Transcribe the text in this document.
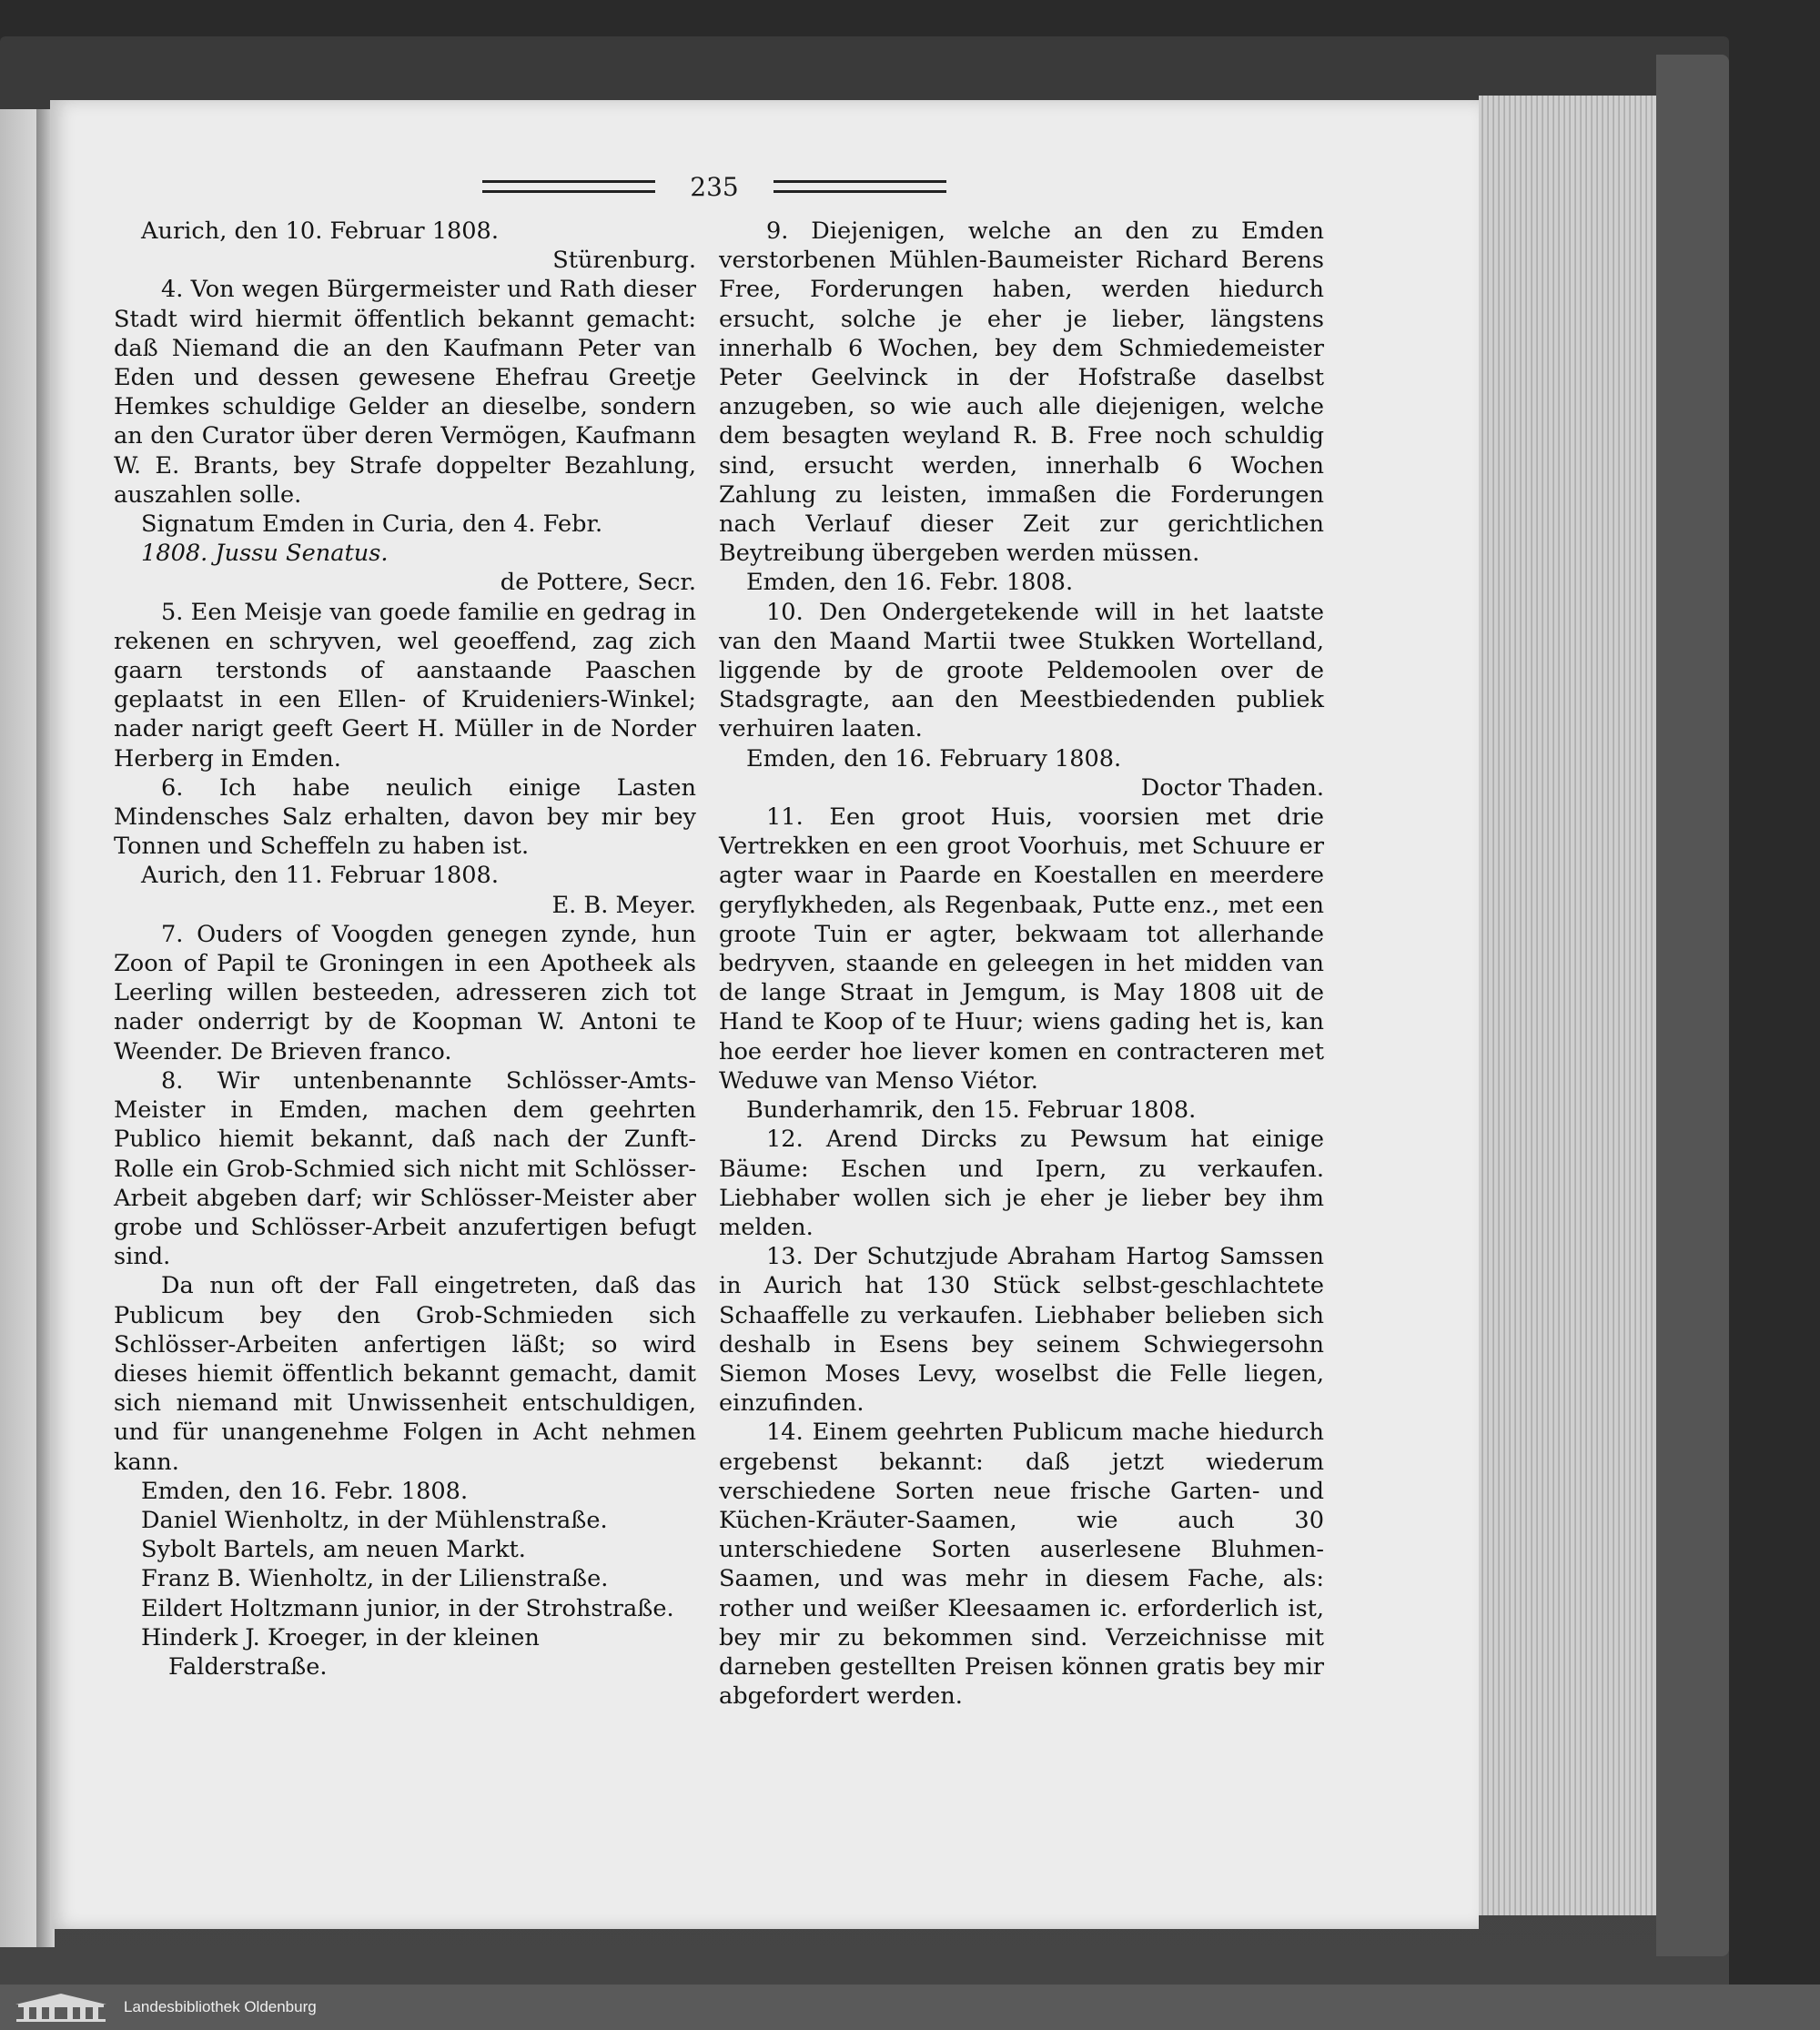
235

Aurich, den 10. Februar 1808.

Stürenburg.

4. Von wegen Bürgermeister und Rath dieser Stadt wird hiermit öffentlich bekannt gemacht: daß Niemand die an den Kaufmann Peter van Eden und dessen gewesene Ehefrau Greetje Hemkes schuldige Gelder an dieselbe, sondern an den Curator über deren Vermögen, Kaufmann W. E. Brants, bey Strafe doppelter Bezahlung, auszahlen solle.

Signatum Emden in Curia, den 4. Febr.

1808. Jussu Senatus.

de Pottere, Secr.

5. Een Meisje van goede familie en gedrag in rekenen en schryven, wel geoeffend, zag zich gaarn terstonds of aanstaande Paaschen geplaatst in een Ellen- of Kruideniers-Winkel; nader narigt geeft Geert H. Müller in de Norder Herberg in Emden.

6. Ich habe neulich einige Lasten Mindensches Salz erhalten, davon bey mir bey Tonnen und Scheffeln zu haben ist.

Aurich, den 11. Februar 1808.

E. B. Meyer.

7. Ouders of Voogden genegen zynde, hun Zoon of Papil te Groningen in een Apotheek als Leerling willen besteeden, adresseren zich tot nader onderrigt by de Koopman W. Antoni te Weender. De Brieven franco.

8. Wir untenbenannte Schlösser-Amts-Meister in Emden, machen dem geehrten Publico hiemit bekannt, daß nach der Zunft-Rolle ein Grob-Schmied sich nicht mit Schlösser-Arbeit abgeben darf; wir Schlösser-Meister aber grobe und Schlösser-Arbeit anzufertigen befugt sind.

Da nun oft der Fall eingetreten, daß das Publicum bey den Grob-Schmieden sich Schlösser-Arbeiten anfertigen läßt; so wird dieses hiemit öffentlich bekannt gemacht, damit sich niemand mit Unwissenheit entschuldigen, und für unangenehme Folgen in Acht nehmen kann.

Emden, den 16. Febr. 1808.

Daniel Wienholtz, in der Mühlenstraße.

Sybolt Bartels, am neuen Markt.

Franz B. Wienholtz, in der Lilienstraße.

Eildert Holtzmann junior, in der Strohstraße.

Hinderk J. Kroeger, in der kleinen Falderstraße.

9. Diejenigen, welche an den zu Emden verstorbenen Mühlen-Baumeister Richard Berens Free, Forderungen haben, werden hiedurch ersucht, solche je eher je lieber, längstens innerhalb 6 Wochen, bey dem Schmiedemeister Peter Geelvinck in der Hofstraße daselbst anzugeben, so wie auch alle diejenigen, welche dem besagten weyland R. B. Free noch schuldig sind, ersucht werden, innerhalb 6 Wochen Zahlung zu leisten, immaßen die Forderungen nach Verlauf dieser Zeit zur gerichtlichen Beytreibung übergeben werden müssen.

Emden, den 16. Febr. 1808.

10. Den Ondergetekende will in het laatste van den Maand Martii twee Stukken Wortelland, liggende by de groote Peldemoolen over de Stadsgragte, aan den Meestbiedenden publiek verhuiren laaten.

Emden, den 16. February 1808.

Doctor Thaden.

11. Een groot Huis, voorsien met drie Vertrekken en een groot Voorhuis, met Schuure er agter waar in Paarde en Koestallen en meerdere geryflykheden, als Regenbaak, Putte enz., met een groote Tuin er agter, bekwaam tot allerhande bedryven, staande en geleegen in het midden van de lange Straat in Jemgum, is May 1808 uit de Hand te Koop of te Huur; wiens gading het is, kan hoe eerder hoe liever komen en contracteren met Weduwe van Menso Viétor.

Bunderhamrik, den 15. Februar 1808.

12. Arend Dircks zu Pewsum hat einige Bäume: Eschen und Ipern, zu verkaufen. Liebhaber wollen sich je eher je lieber bey ihm melden.

13. Der Schutzjude Abraham Hartog Samssen in Aurich hat 130 Stück selbst-geschlachtete Schaaffelle zu verkaufen. Liebhaber belieben sich deshalb in Esens bey seinem Schwiegersohn Siemon Moses Levy, woselbst die Felle liegen, einzufinden.

14. Einem geehrten Publicum mache hiedurch ergebenst bekannt: daß jetzt wiederum verschiedene Sorten neue frische Garten- und Küchen-Kräuter-Saamen, wie auch 30 unterschiedene Sorten auserlesene Bluhmen-Saamen, und was mehr in diesem Fache, als: rother und weißer Kleesaamen ic. erforderlich ist, bey mir zu bekommen sind. Verzeichnisse mit darneben gestellten Preisen können gratis bey mir abgefordert werden.

Landesbibliothek Oldenburg
